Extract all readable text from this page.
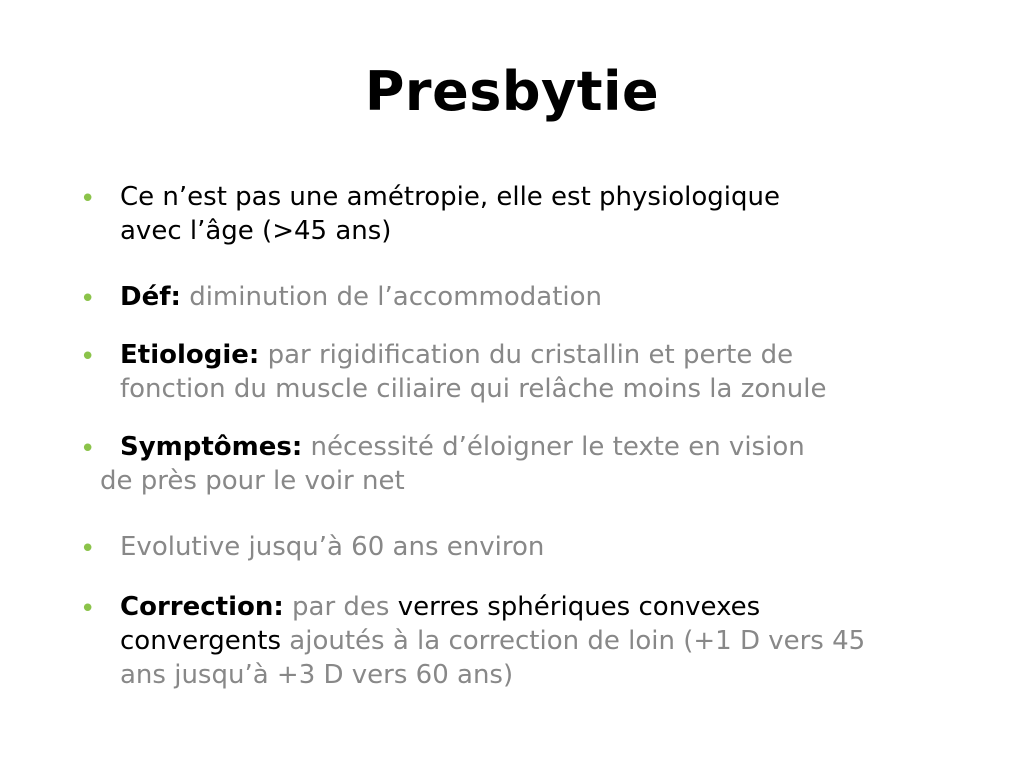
Presbytie
• Ce n’est pas une amétropie, elle est physiologique
avec l’âge (>45 ans)
• Déf: diminution de l’accommodation
• Etiologie: par rigidification du cristallin et perte de
fonction du muscle ciliaire qui relâche moins la zonule
• Symptômes: nécessité d’éloigner le texte en vision
de près pour le voir net
• Evolutive jusqu’à 60 ans environ
• Correction: par des verres sphériques convexes
convergents ajoutés à la correction de loin (+1 D vers 45
ans jusqu’à +3 D vers 60 ans)
